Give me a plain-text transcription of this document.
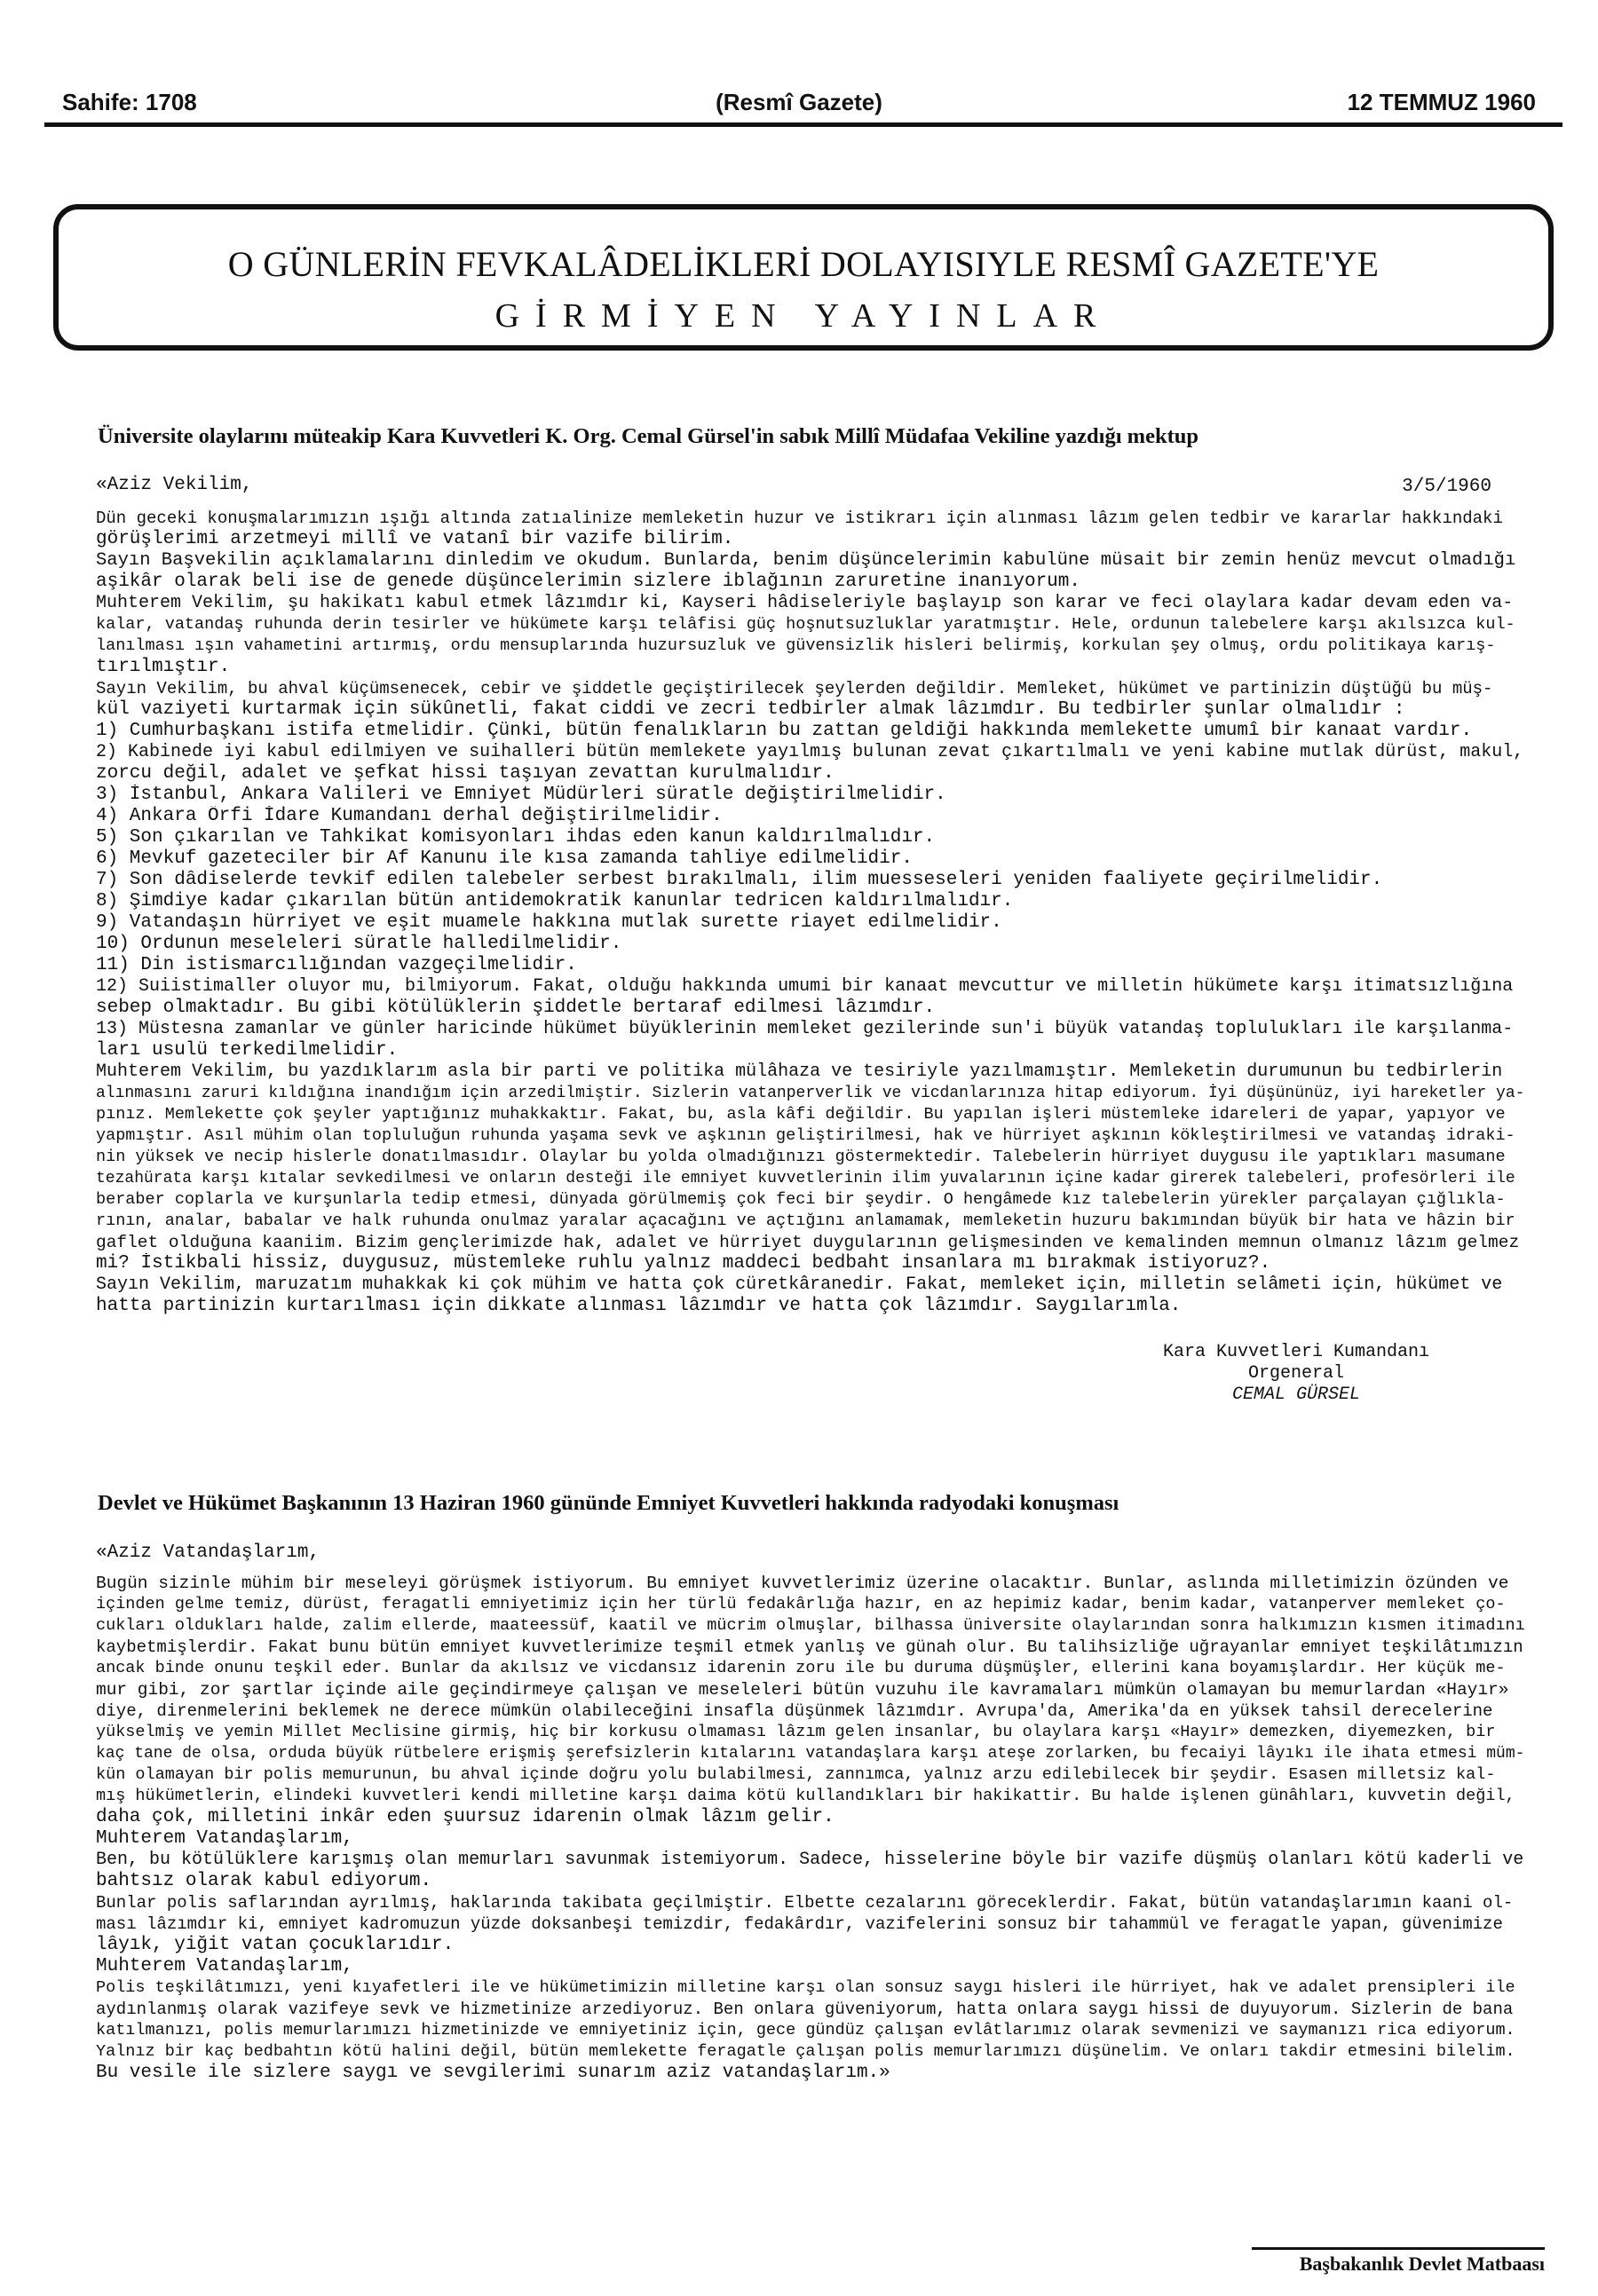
Sahife: 1708	(Resmî Gazete)	12 TEMMUZ 1960
O GÜNLERİN FEVKALÂDELİKLERİ DOLAYISIYLE RESMÎ GAZETE'YE
GİRMİYEN YAYINLAR
Üniversite olaylarını müteakip Kara Kuvvetleri K. Org. Cemal Gürsel'in sabık Millî Müdafaa Vekiline yazdığı mektup
«Aziz Vekilim,	3/5/1960
Dün geceki konuşmalarımızın ışığı altında zatıalinize memleketin huzur ve istikrarı için alınması lâzım gelen tedbir ve kararlar hakkındaki
görüşlerimi arzetmeyi millî ve vatanî bir vazife bilirim.
Sayın Başvekilin açıklamalarını dinledim ve okudum. Bunlarda, benim düşüncelerimin kabulüne müsait bir zemin henüz mevcut olmadığı
aşikâr olarak beli ise de genede düşüncelerimin sizlere iblağının zaruretine inanıyorum.
Muhterem Vekilim, şu hakikatı kabul etmek lâzımdır ki, Kayseri hâdiseleriyle başlayıp son karar ve feci olaylara kadar devam eden va-
kalar, vatandaş ruhunda derin tesirler ve hükümete karşı telâfisi güç hoşnutsuzluklar yaratmıştır. Hele, ordunun talebelere karşı akılsızca kul-
lanılması ışın vahametini artırmış, ordu mensuplarında huzursuzluk ve güvensizlik hisleri belirmiş, korkulan şey olmuş, ordu politikaya karış-
tırılmıştır.
Sayın Vekilim, bu ahval küçümsenecek, cebir ve şiddetle geçiştirilecek şeylerden değildir. Memleket, hükümet ve partinizin düştüğü bu müş-
kül vaziyeti kurtarmak için sükûnetli, fakat ciddi ve zecri tedbirler almak lâzımdır. Bu tedbirler şunlar olmalıdır :
1) Cumhurbaşkanı istifa etmelidir. Çünki, bütün fenalıkların bu zattan geldiği hakkında memlekette umumî bir kanaat vardır.
2) Kabinede iyi kabul edilmiyen ve suihalleri bütün memlekete yayılmış bulunan zevat çıkartılmalı ve yeni kabine mutlak dürüst, makul,
zorcu değil, adalet ve şefkat hissi taşıyan zevattan kurulmalıdır.
3) İstanbul, Ankara Valileri ve Emniyet Müdürleri süratle değiştirilmelidir.
4) Ankara Örfi İdare Kumandanı derhal değiştirilmelidir.
5) Son çıkarılan ve Tahkikat komisyonları ihdas eden kanun kaldırılmalıdır.
6) Mevkuf gazeteciler bir Af Kanunu ile kısa zamanda tahliye edilmelidir.
7) Son dâdiselerde tevkif edilen talebeler serbest bırakılmalı, ilim muesseseleri yeniden faaliyete geçirilmelidir.
8) Şimdiye kadar çıkarılan bütün antidemokratik kanunlar tedricen kaldırılmalıdır.
9) Vatandaşın hürriyet ve eşit muamele hakkına mutlak surette riayet edilmelidir.
10) Ordunun meseleleri süratle halledilmelidir.
11) Din istismarcılığından vazgeçilmelidir.
12) Suiistimaller oluyor mu, bilmiyorum. Fakat, olduğu hakkında umumi bir kanaat mevcuttur ve milletin hükümete karşı itimatsızlığına
sebep olmaktadır. Bu gibi kötülüklerin şiddetle bertaraf edilmesi lâzımdır.
13) Müstesna zamanlar ve günler haricinde hükümet büyüklerinin memleket gezilerinde sun'i büyük vatandaş toplulukları ile karşılanma-
ları usulü terkedilmelidir.
Muhterem Vekilim, bu yazdıklarım asla bir parti ve politika mülâhaza ve tesiriyle yazılmamıştır. Memleketin durumunun bu tedbirlerin
alınmasını zaruri kıldığına inandığım için arzedilmiştir. Sizlerin vatanperverlik ve vicdanlarınıza hitap ediyorum. İyi düşününüz, iyi hareketler ya-
pınız. Memlekette çok şeyler yaptığınız muhakkaktır. Fakat, bu, asla kâfi değildir. Bu yapılan işleri müstemleke idareleri de yapar, yapıyor ve
yapmıştır. Asıl mühim olan topluluğun ruhunda yaşama sevk ve aşkının geliştirilmesi, hak ve hürriyet aşkının kökleştirilmesi ve vatandaş idraki-
nin yüksek ve necip hislerle donatılmasıdır. Olaylar bu yolda olmadığınızı göstermektedir. Talebelerin hürriyet duygusu ile yaptıkları masumane
tezahürata karşı kıtalar sevkedilmesi ve onların desteği ile emniyet kuvvetlerinin ilim yuvalarının içine kadar girerek talebeleri, profesörleri ile
beraber coplarla ve kurşunlarla tedip etmesi, dünyada görülmemiş çok feci bir şeydir. O hengâmede kız talebelerin yürekler parçalayan çığlıkla-
rının, analar, babalar ve halk ruhunda onulmaz yaralar açacağını ve açtığını anlamamak, memleketin huzuru bakımından büyük bir hata ve hâzin bir
gaflet olduğuna kaaniim. Bizim gençlerimizde hak, adalet ve hürriyet duygularının gelişmesinden ve kemalinden memnun olmanız lâzım gelmez
mi? İstikbali hissiz, duygusuz, müstemleke ruhlu yalnız maddeci bedbaht insanlara mı bırakmak istiyoruz?.
Sayın Vekilim, maruzatım muhakkak ki çok mühim ve hatta çok cüretkâranedir. Fakat, memleket için, milletin selâmeti için, hükümet ve
hatta partinizin kurtarılması için dikkate alınması lâzımdır ve hatta çok lâzımdır. Saygılarımla.
Kara Kuvvetleri Kumandanı
Orgeneral
CEMAL GÜRSEL
Devlet ve Hükümet Başkanının 13 Haziran 1960 gününde Emniyet Kuvvetleri hakkında radyodaki konuşması
«Aziz Vatandaşlarım,
Bugün sizinle mühim bir meseleyi görüşmek istiyorum. Bu emniyet kuvvetlerimiz üzerine olacaktır. Bunlar, aslında milletimizin özünden ve
içinden gelme temiz, dürüst, feragatli emniyetimiz için her türlü fedakârlığa hazır, en az hepimiz kadar, benim kadar, vatanperver memleket ço-
cukları oldukları halde, zalim ellerde, maateessüf, kaatil ve mücrim olmuşlar, bilhassa üniversite olaylarından sonra halkımızın kısmen itimadını
kaybetmişlerdir. Fakat bunu bütün emniyet kuvvetlerimize teşmil etmek yanlış ve günah olur. Bu talihsizliğe uğrayanlar emniyet teşkilâtımızın
ancak binde onunu teşkil eder. Bunlar da akılsız ve vicdansız idarenin zoru ile bu duruma düşmüşler, ellerini kana boyamışlardır. Her küçük me-
mur gibi, zor şartlar içinde aile geçindirmeye çalışan ve meseleleri bütün vuzuhu ile kavramaları mümkün olamayan bu memurlardan «Hayır»
diye, direnmelerini beklemek ne derece mümkün olabileceğini insafla düşünmek lâzımdır. Avrupa'da, Amerika'da en yüksek tahsil derecelerine
yükselmiş ve yemin Millet Meclisine girmiş, hiç bir korkusu olmaması lâzım gelen insanlar, bu olaylara karşı «Hayır» demezken, diyemezken, bir
kaç tane de olsa, orduda büyük rütbelere erişmiş şerefsizlerin kıtalarını vatandaşlara karşı ateşe zorlarken, bu fecaiyi lâyıkı ile ihata etmesi müm-
kün olamayan bir polis memurunun, bu ahval içinde doğru yolu bulabilmesi, zannımca, yalnız arzu edilebilecek bir şeydir. Esasen milletsiz kal-
mış hükümetlerin, elindeki kuvvetleri kendi milletine karşı daima kötü kullandıkları bir hakikattir. Bu halde işlenen günâhları, kuvvetin değil,
daha çok, milletini inkâr eden şuursuz idarenin olmak lâzım gelir.
Muhterem Vatandaşlarım,
Ben, bu kötülüklere karışmış olan memurları savunmak istemiyorum. Sadece, hisselerine böyle bir vazife düşmüş olanları kötü kaderli ve
bahtsız olarak kabul ediyorum.
Bunlar polis saflarından ayrılmış, haklarında takibata geçilmiştir. Elbette cezalarını göreceklerdir. Fakat, bütün vatandaşlarımın kaani ol-
ması lâzımdır ki, emniyet kadromuzun yüzde doksanbeşi temizdir, fedakârdır, vazifelerini sonsuz bir tahammül ve feragatle yapan, güvenimize
lâyık, yiğit vatan çocuklarıdır.
Muhterem Vatandaşlarım,
Polis teşkilâtımızı, yeni kıyafetleri ile ve hükümetimizin milletine karşı olan sonsuz saygı hisleri ile hürriyet, hak ve adalet prensipleri ile
aydınlanmış olarak vazifeye sevk ve hizmetinize arzediyoruz. Ben onlara güveniyorum, hatta onlara saygı hissi de duyuyorum. Sizlerin de bana
katılmanızı, polis memurlarımızı hizmetinizde ve emniyetiniz için, gece gündüz çalışan evlâtlarımız olarak sevmenizi ve saymanızı rica ediyorum.
Yalnız bir kaç bedbahtın kötü halini değil, bütün memlekette feragatle çalışan polis memurlarımızı düşünelim. Ve onları takdir etmesini bilelim.
Bu vesile ile sizlere saygı ve sevgilerimi sunarım aziz vatandaşlarım.»
Başbakanlık Devlet Matbaası
